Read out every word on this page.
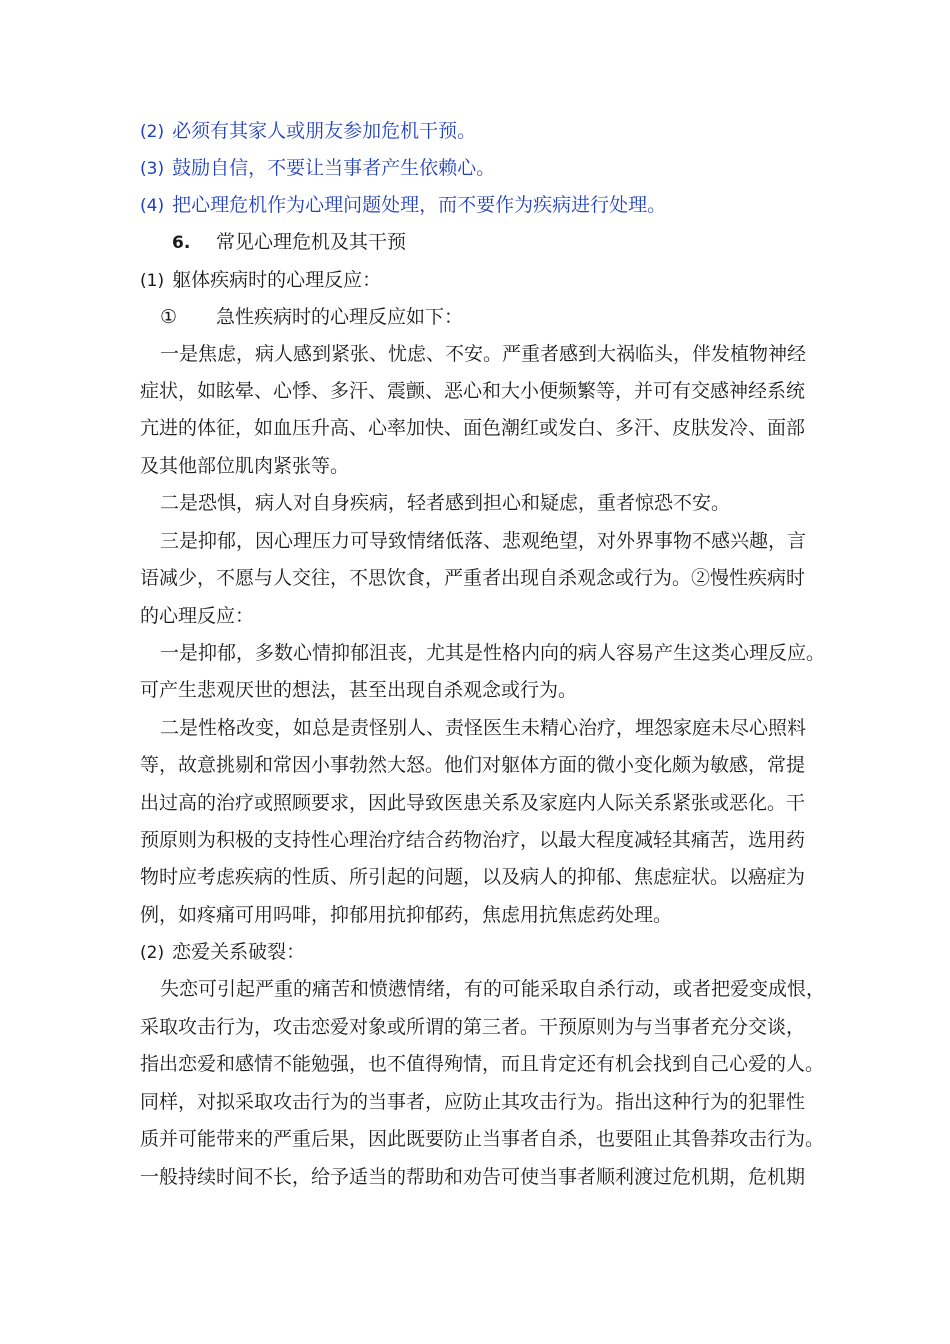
(2) 必须有其家人或朋友参加危机干预。
(3) 鼓励自信，不要让当事者产生依赖心。
(4) 把心理危机作为心理问题处理，而不要作为疾病进行处理。
6. 常见心理危机及其干预
(1) 躯体疾病时的心理反应：
① 急性疾病时的心理反应如下：
一是焦虑，病人感到紧张、忧虑、不安。严重者感到大祸临头，伴发植物神经
症状，如眩晕、心悸、多汗、震颤、恶心和大小便频繁等，并可有交感神经系统
亢进的体征，如血压升高、心率加快、面色潮红或发白、多汗、皮肤发冷、面部
及其他部位肌肉紧张等。
二是恐惧，病人对自身疾病，轻者感到担心和疑虑，重者惊恐不安。
三是抑郁，因心理压力可导致情绪低落、悲观绝望，对外界事物不感兴趣，言
语减少，不愿与人交往，不思饮食，严重者出现自杀观念或行为。②慢性疾病时
的心理反应：
一是抑郁，多数心情抑郁沮丧，尤其是性格内向的病人容易产生这类心理反应。
可产生悲观厌世的想法，甚至出现自杀观念或行为。
二是性格改变，如总是责怪别人、责怪医生未精心治疗，埋怨家庭未尽心照料
等，故意挑剔和常因小事勃然大怒。他们对躯体方面的微小变化颇为敏感，常提
出过高的治疗或照顾要求，因此导致医患关系及家庭内人际关系紧张或恶化。干
预原则为积极的支持性心理治疗结合药物治疗，以最大程度减轻其痛苦，选用药
物时应考虑疾病的性质、所引起的问题，以及病人的抑郁、焦虑症状。以癌症为
例，如疼痛可用吗啡，抑郁用抗抑郁药，焦虑用抗焦虑药处理。
(2) 恋爱关系破裂：
失恋可引起严重的痛苦和愤懑情绪，有的可能采取自杀行动，或者把爱变成恨，
采取攻击行为，攻击恋爱对象或所谓的第三者。干预原则为与当事者充分交谈，
指出恋爱和感情不能勉强，也不值得殉情，而且肯定还有机会找到自己心爱的人。
同样，对拟采取攻击行为的当事者，应防止其攻击行为。指出这种行为的犯罪性
质并可能带来的严重后果，因此既要防止当事者自杀，也要阻止其鲁莽攻击行为。
一般持续时间不长，给予适当的帮助和劝告可使当事者顺利渡过危机期，危机期
